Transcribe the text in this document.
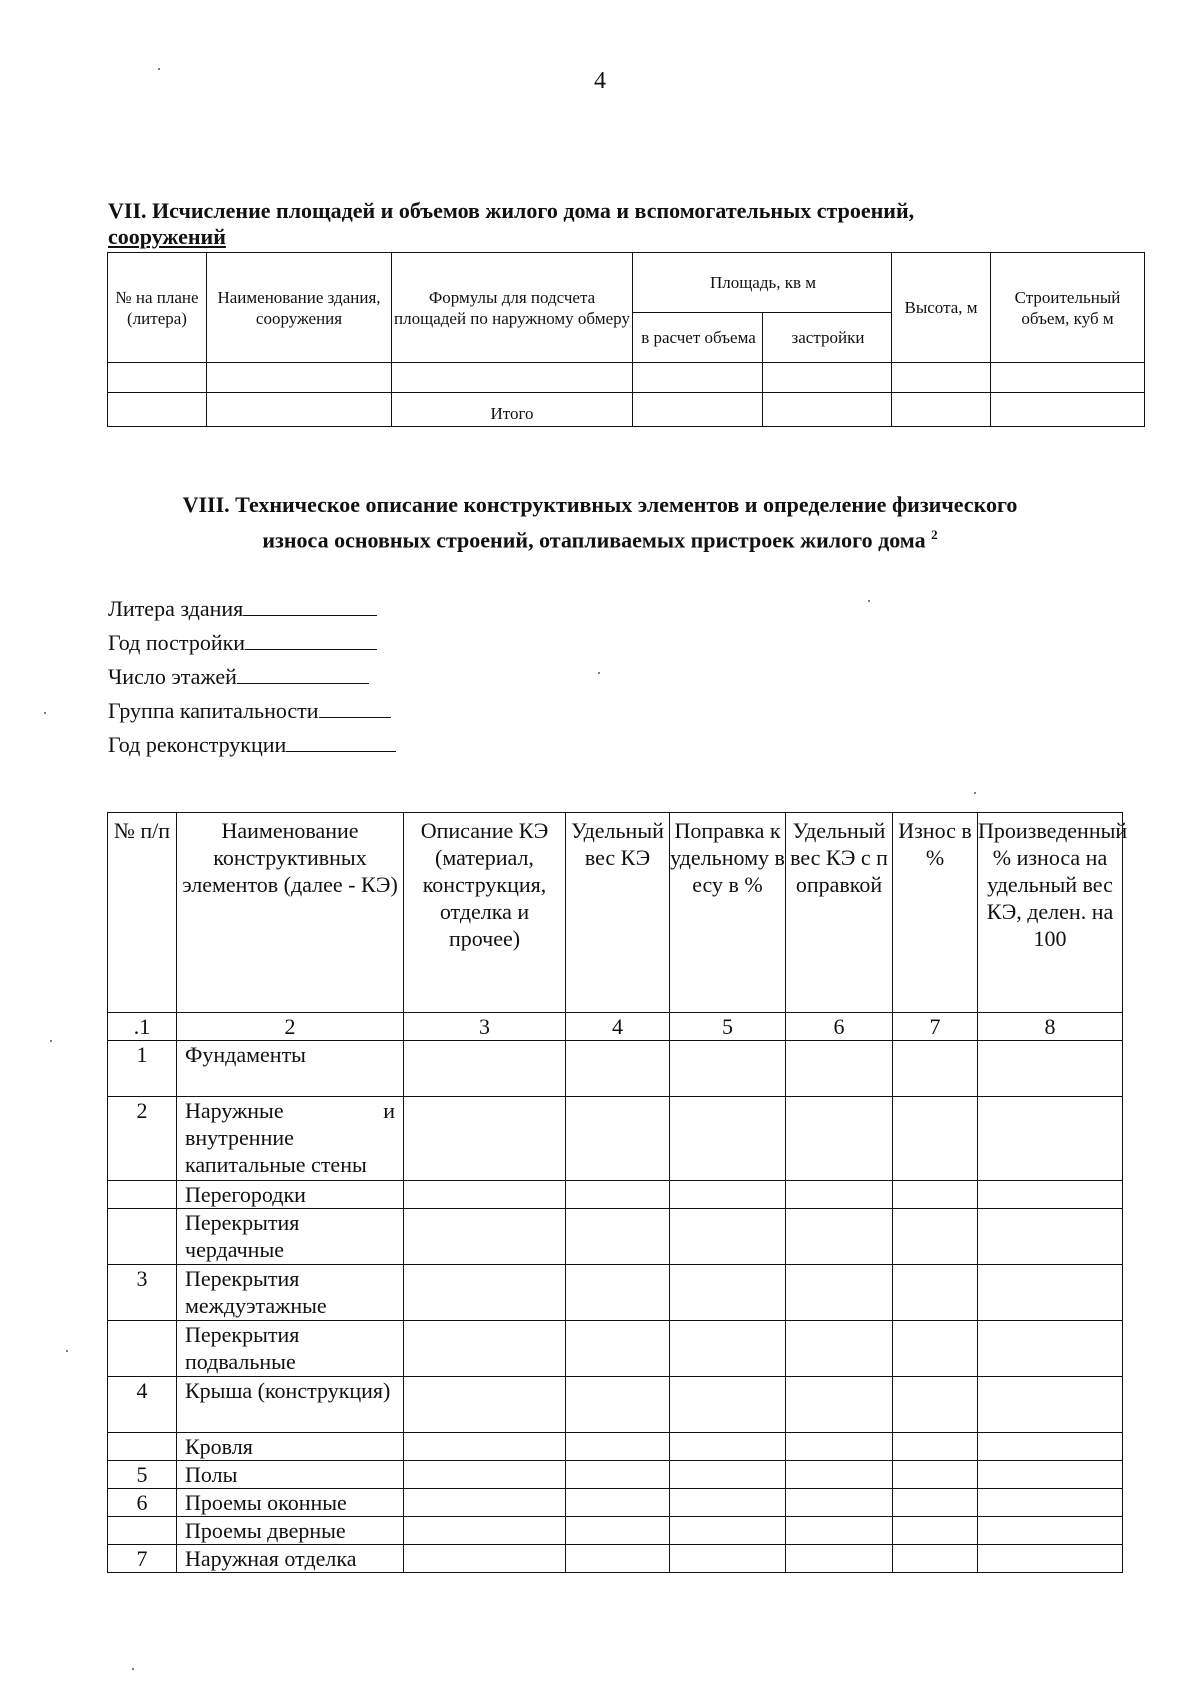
4
VII. Исчисление площадей и объемов жилого дома и вспомогательных строений,
сооружений
№ на плане (литера)	Наименование здания, сооружения	Формулы для подсчета площадей по наружному обмеру	Площадь, кв м		Высота, м	Строительный объем, куб м
			в расчет объема	застройки		

		Итого				
VIII. Техническое описание конструктивных элементов и определение физического
износа основных строений, отапливаемых пристроек жилого дома $^2$
Литера здания
Год постройки
Число этажей
Группа капитальности
Год реконструкции
№ п/п	Наименование конструктивных элементов (далее - КЭ)	Описание КЭ (материал, конструкция, отделка и прочее)	Удельный вес КЭ	Поправка к удельному весу в %	Удельный вес КЭ с поправкой	Износ в %	Произведенный % износа на удельный вес КЭ, делен. на 100
.1	2	3	4	5	6	7	8
1	Фундаменты						
2	Наружные и внутренние капитальные стены						
	Перегородки						
	Перекрытия чердачные						
3	Перекрытия междуэтажные						
	Перекрытия подвальные						
4	Крыша (конструкция)						
	Кровля						
5	Полы						
6	Проемы оконные						
	Проемы дверные						
7	Наружная отделка						
